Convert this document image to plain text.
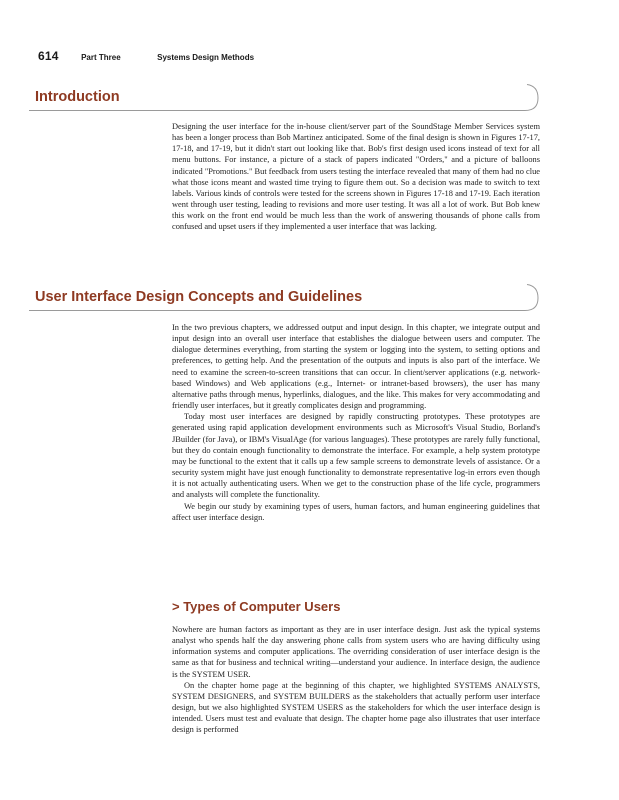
614	Part Three	Systems Design Methods
Introduction

Designing the user interface for the in-house client/server part of the SoundStage Member Services system has been a longer process than Bob Martinez anticipated. Some of the final design is shown in Figures 17-17, 17-18, and 17-19, but it didn't start out looking like that. Bob's first design used icons instead of text for all menu buttons. For instance, a picture of a stack of papers indicated "Orders," and a picture of balloons indicated "Promotions." But feedback from users testing the interface revealed that many of them had no clue what those icons meant and wasted time trying to figure them out. So a decision was made to switch to text labels. Various kinds of controls were tested for the screens shown in Figures 17-18 and 17-19. Each iteration went through user testing, leading to revisions and more user testing. It was all a lot of work. But Bob knew this work on the front end would be much less than the work of answering thousands of phone calls from confused and upset users if they implemented a user interface that was lacking.

User Interface Design Concepts and Guidelines

In the two previous chapters, we addressed output and input design. In this chapter, we integrate output and input design into an overall user interface that establishes the dialogue between users and computer. The dialogue determines everything, from starting the system or logging into the system, to setting options and preferences, to getting help. And the presentation of the outputs and inputs is also part of the interface. We need to examine the screen-to-screen transitions that can occur. In client/server applications (e.g. network-based Windows) and Web applications (e.g., Internet- or intranet-based browsers), the user has many alternative paths through menus, hyperlinks, dialogues, and the like. This makes for very accommodating and friendly user interfaces, but it greatly complicates design and programming.

Today most user interfaces are designed by rapidly constructing prototypes. These prototypes are generated using rapid application development environments such as Microsoft's Visual Studio, Borland's JBuilder (for Java), or IBM's VisualAge (for various languages). These prototypes are rarely fully functional, but they do contain enough functionality to demonstrate the interface. For example, a help system prototype may be functional to the extent that it calls up a few sample screens to demonstrate levels of assistance. Or a security system might have just enough functionality to demonstrate representative log-in errors even though it is not actually authenticating users. When we get to the construction phase of the life cycle, programmers and analysts will complete the functionality.

We begin our study by examining types of users, human factors, and human engineering guidelines that affect user interface design.

> Types of Computer Users

Nowhere are human factors as important as they are in user interface design. Just ask the typical systems analyst who spends half the day answering phone calls from system users who are having difficulty using information systems and computer applications. The overriding consideration of user interface design is the same as that for business and technical writing—understand your audience. In interface design, the audience is the SYSTEM USER.

On the chapter home page at the beginning of this chapter, we highlighted SYSTEMS ANALYSTS, SYSTEM DESIGNERS, and SYSTEM BUILDERS as the stakeholders that actually perform user interface design, but we also highlighted SYSTEM USERS as the stakeholders for which the user interface design is intended. Users must test and evaluate that design. The chapter home page also illustrates that user interface design is performed
